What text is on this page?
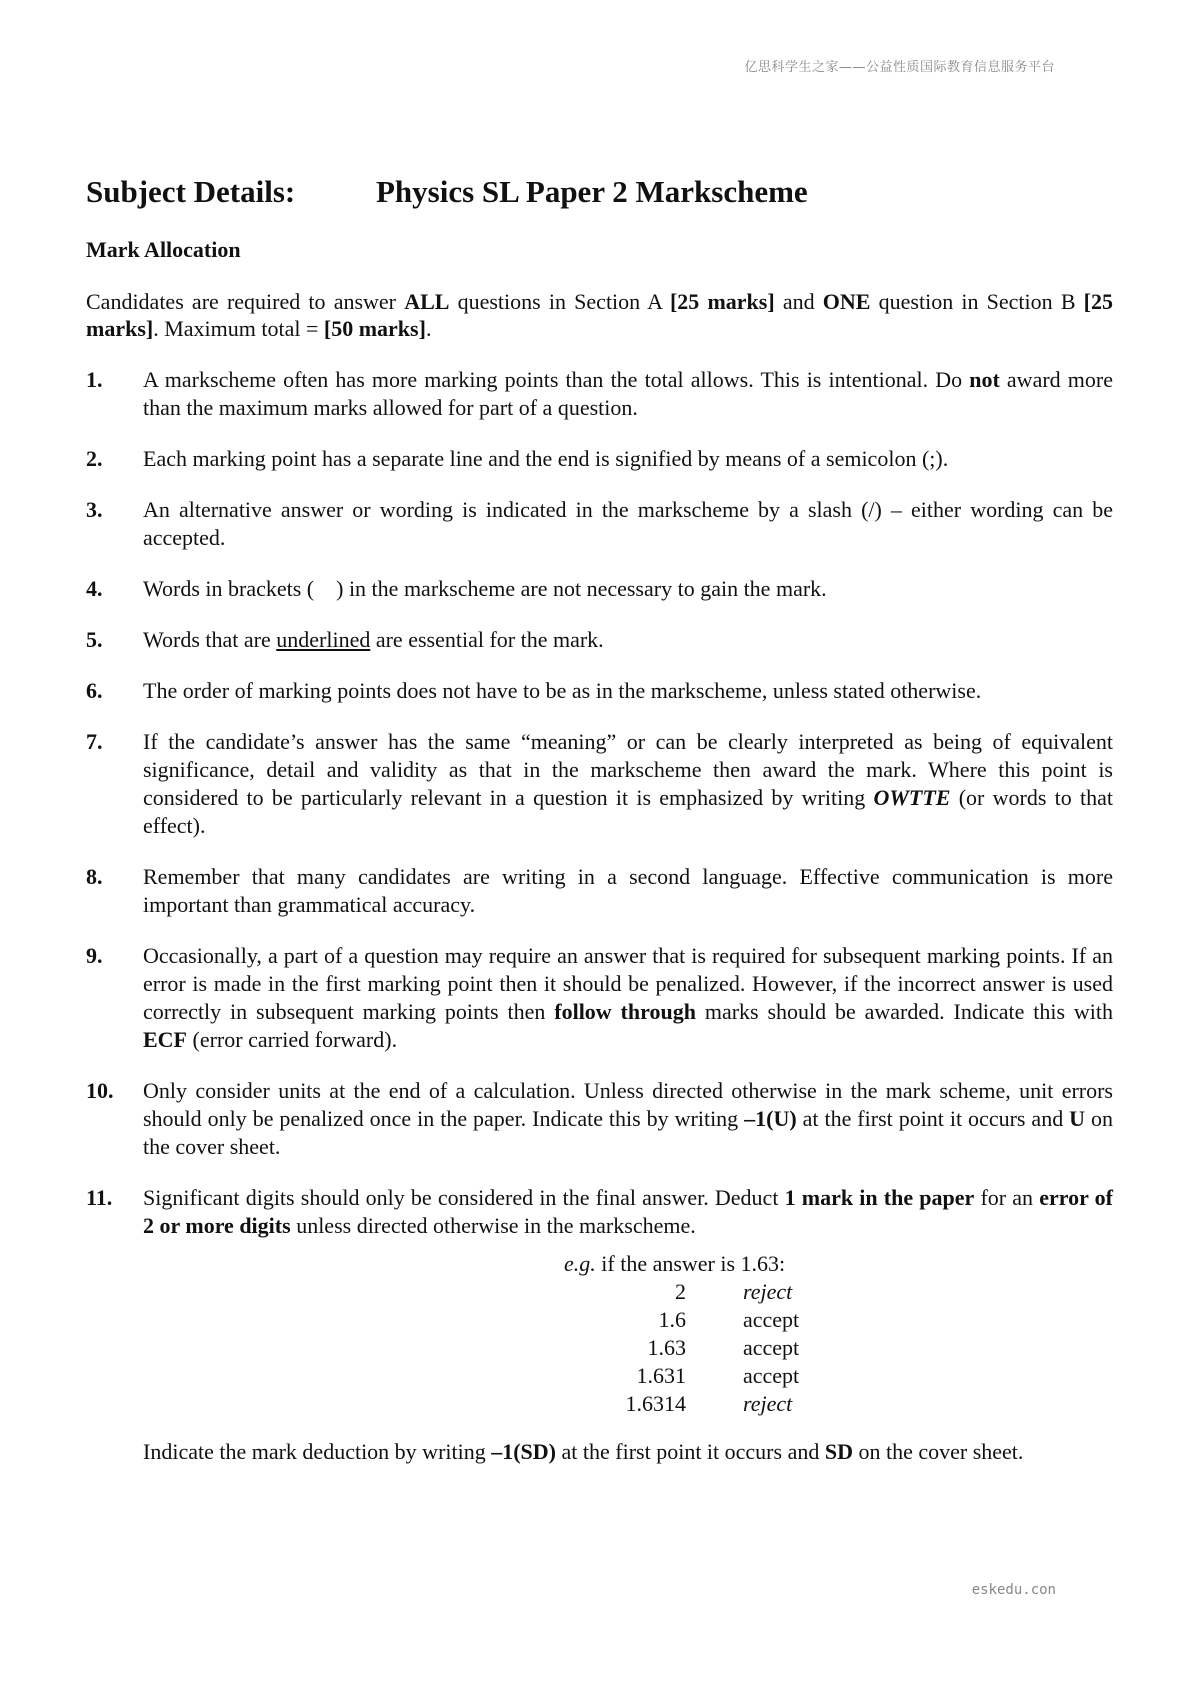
亿思科学生之家——公益性质国际教育信息服务平台
Subject Details:	Physics SL Paper 2 Markscheme
Mark Allocation
Candidates are required to answer ALL questions in Section A [25 marks] and ONE question in Section B [25 marks]. Maximum total = [50 marks].
1.	A markscheme often has more marking points than the total allows. This is intentional. Do not award more than the maximum marks allowed for part of a question.
2.	Each marking point has a separate line and the end is signified by means of a semicolon (;).
3.	An alternative answer or wording is indicated in the markscheme by a slash (/) – either wording can be accepted.
4.	Words in brackets (    ) in the markscheme are not necessary to gain the mark.
5.	Words that are underlined are essential for the mark.
6.	The order of marking points does not have to be as in the markscheme, unless stated otherwise.
7.	If the candidate’s answer has the same “meaning” or can be clearly interpreted as being of equivalent significance, detail and validity as that in the markscheme then award the mark. Where this point is considered to be particularly relevant in a question it is emphasized by writing OWTTE (or words to that effect).
8.	Remember that many candidates are writing in a second language. Effective communication is more important than grammatical accuracy.
9.	Occasionally, a part of a question may require an answer that is required for subsequent marking points. If an error is made in the first marking point then it should be penalized. However, if the incorrect answer is used correctly in subsequent marking points then follow through marks should be awarded. Indicate this with ECF (error carried forward).
10.	Only consider units at the end of a calculation. Unless directed otherwise in the mark scheme, unit errors should only be penalized once in the paper. Indicate this by writing –1(U) at the first point it occurs and U on the cover sheet.
11.	Significant digits should only be considered in the final answer. Deduct 1 mark in the paper for an error of 2 or more digits unless directed otherwise in the markscheme.
e.g. if the answer is 1.63:
2	reject
1.6	accept
1.63	accept
1.631	accept
1.6314	reject
Indicate the mark deduction by writing –1(SD) at the first point it occurs and SD on the cover sheet.
eskedu.con
